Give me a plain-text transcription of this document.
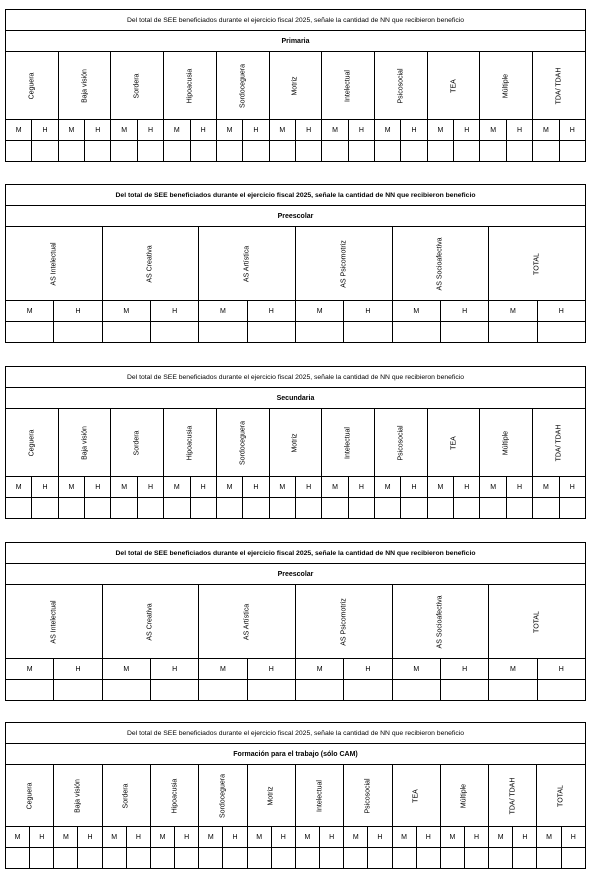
Del total de SEE beneficiados durante el ejercicio fiscal 2025, señale la cantidad de NN que recibieron beneficio																					
Primaria																					

Ceguera		Baja visión		Sordera		Hipoacusia		Sordoceguera		Motriz		Intelectual		Psicosocial		TEA		Múltiple		TDA/ TDAH	

M	H	M	H	M	H	M	H	M	H	M	H	M	H	M	H	M	H	M	H	M	H

Del total de SEE beneficiados durante el ejercicio fiscal 2025, señale la cantidad de NN que recibieron beneficio											
Preescolar											

AS Intelectual		AS Creativa		AS Artística		AS Psicomotriz		AS Socioafectiva		TOTAL	

M	H	M	H	M	H	M	H	M	H	M	H

Del total de SEE beneficiados durante el ejercicio fiscal 2025, señale la cantidad de NN que recibieron beneficio																					
Secundaria																					

Ceguera		Baja visión		Sordera		Hipoacusia		Sordoceguera		Motriz		Intelectual		Psicosocial		TEA		Múltiple		TDA/ TDAH	

M	H	M	H	M	H	M	H	M	H	M	H	M	H	M	H	M	H	M	H	M	H

Del total de SEE beneficiados durante el ejercicio fiscal 2025, señale la cantidad de NN que recibieron beneficio											
Preescolar											

AS Intelectual		AS Creativa		AS Artística		AS Psicomotriz		AS Socioafectiva		TOTAL	

M	H	M	H	M	H	M	H	M	H	M	H

Del total de SEE beneficiados durante el ejercicio fiscal 2025, señale la cantidad de NN que recibieron beneficio																							
Formación para el trabajo (sólo CAM)																							

Ceguera		Baja visión		Sordera		Hipoacusia		Sordoceguera		Motriz		Intelectual		Psicosocial		TEA		Múltiple		TDA/ TDAH		TOTAL	

M	H	M	H	M	H	M	H	M	H	M	H	M	H	M	H	M	H	M	H	M	H	M	H
